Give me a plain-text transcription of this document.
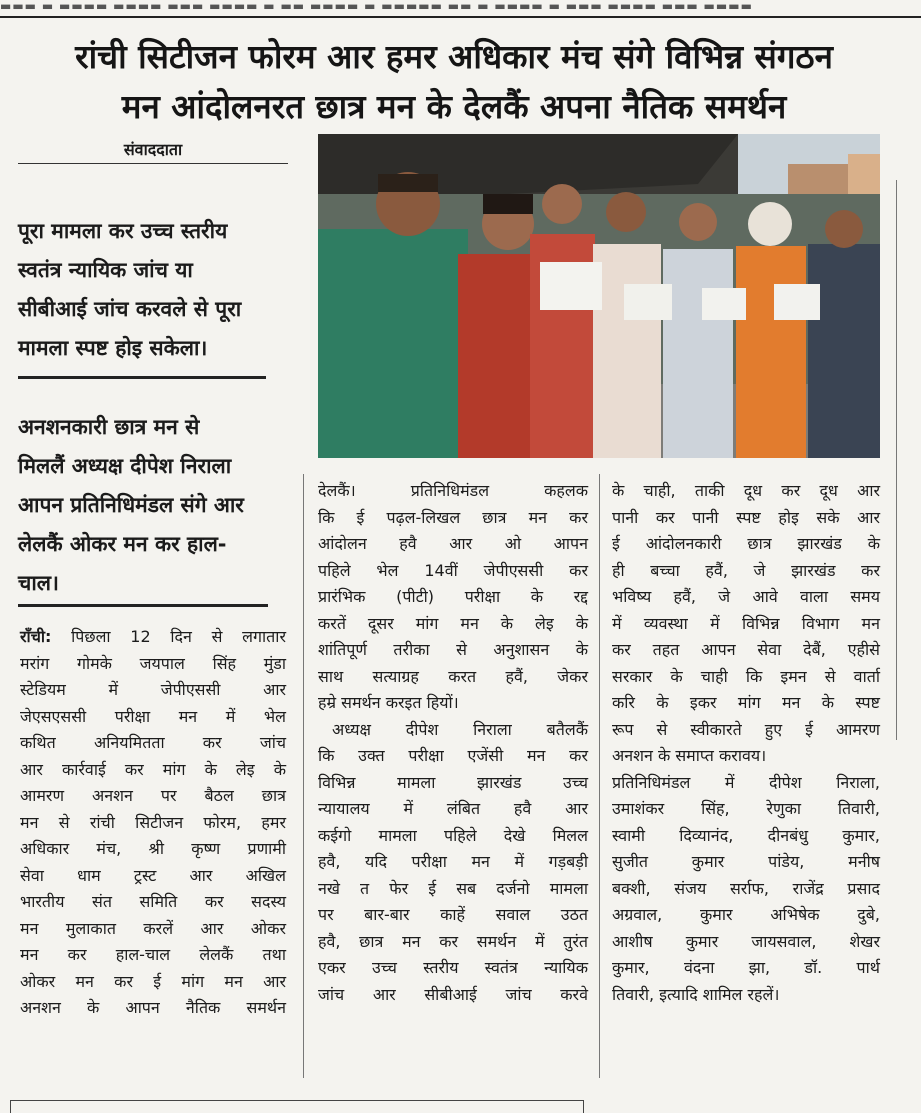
▬▬▬ ▬ ▬▬▬▬ ▬▬▬▬ ▬▬▬ ▬▬▬▬ ▬ ▬▬ ▬▬▬▬ ▬ ▬▬▬▬▬ ▬▬ ▬ ▬▬▬▬ ▬ ▬▬▬ ▬▬▬▬ ▬▬▬ ▬▬▬▬
रांची सिटीजन फोरम आर हमर अधिकार मंच संगे विभिन्न संगठन
मन आंदोलनरत छात्र मन के देलकैं अपना नैतिक समर्थन
संवाददाता
पूरा मामला कर उच्च स्तरीय
स्वतंत्र न्यायिक जांच या
सीबीआई जांच करवले से पूरा
मामला स्पष्ट होइ सकेला।
अनशनकारी छात्र मन से
मिललैं अध्यक्ष दीपेश निराला
आपन प्रतिनिधिमंडल संगे आर
लेलकैं ओकर मन कर हाल-
चाल।
राँची: पिछला 12 दिन से लगातार
मरांग गोमके जयपाल सिंह मुंडा
स्टेडियम में जेपीएससी आर
जेएसएससी परीक्षा मन में भेल
कथित अनियमितता कर जांच
आर कार्रवाई कर मांग के लेइ के
आमरण अनशन पर बैठल छात्र
मन से रांची सिटीजन फोरम, हमर
अधिकार मंच, श्री कृष्ण प्रणामी
सेवा धाम ट्रस्ट आर अखिल
भारतीय संत समिति कर सदस्य
मन मुलाकात करलें आर ओकर
मन कर हाल-चाल लेलकैं तथा
ओकर मन कर ई मांग मन आर
अनशन के आपन नैतिक समर्थन
देलकैं। प्रतिनिधिमंडल कहलक
कि ई पढ़ल-लिखल छात्र मन कर
आंदोलन हवै आर ओ आपन
पहिले भेल 14वीं जेपीएससी कर
प्रारंभिक (पीटी) परीक्षा के रद्द
करतें दूसर मांग मन के लेइ के
शांतिपूर्ण तरीका से अनुशासन के
साथ सत्याग्रह करत हवैं, जेकर
हम्रे समर्थन करइत हियों।
अध्यक्ष दीपेश निराला बतैलकैं
कि उक्त परीक्षा एजेंसी मन कर
विभिन्न मामला झारखंड उच्च
न्यायालय में लंबित हवै आर
कईगो मामला पहिले देखे मिलल
हवै, यदि परीक्षा मन में गड़बड़ी
नखे त फेर ई सब दर्जनो मामला
पर बार-बार काहें सवाल उठत
हवै, छात्र मन कर समर्थन में तुरंत
एकर उच्च स्तरीय स्वतंत्र न्यायिक
जांच आर सीबीआई जांच करवे
के चाही, ताकी दूध कर दूध आर
पानी कर पानी स्पष्ट होइ सके आर
ई आंदोलनकारी छात्र झारखंड के
ही बच्चा हवैं, जे झारखंड कर
भविष्य हवैं, जे आवे वाला समय
में व्यवस्था में विभिन्न विभाग मन
कर तहत आपन सेवा देबैं, एहीसे
सरकार के चाही कि इमन से वार्ता
करि के इकर मांग मन के स्पष्ट
रूप से स्वीकारते हुए ई आमरण
अनशन के समाप्त करावय।
प्रतिनिधिमंडल में दीपेश निराला,
उमाशंकर सिंह, रेणुका तिवारी,
स्वामी दिव्यानंद, दीनबंधु कुमार,
सुजीत कुमार पांडेय, मनीष
बक्शी, संजय सर्राफ, राजेंद्र प्रसाद
अग्रवाल, कुमार अभिषेक दुबे,
आशीष कुमार जायसवाल, शेखर
कुमार, वंदना झा, डॉ. पार्थ
तिवारी, इत्यादि शामिल रहलें।
